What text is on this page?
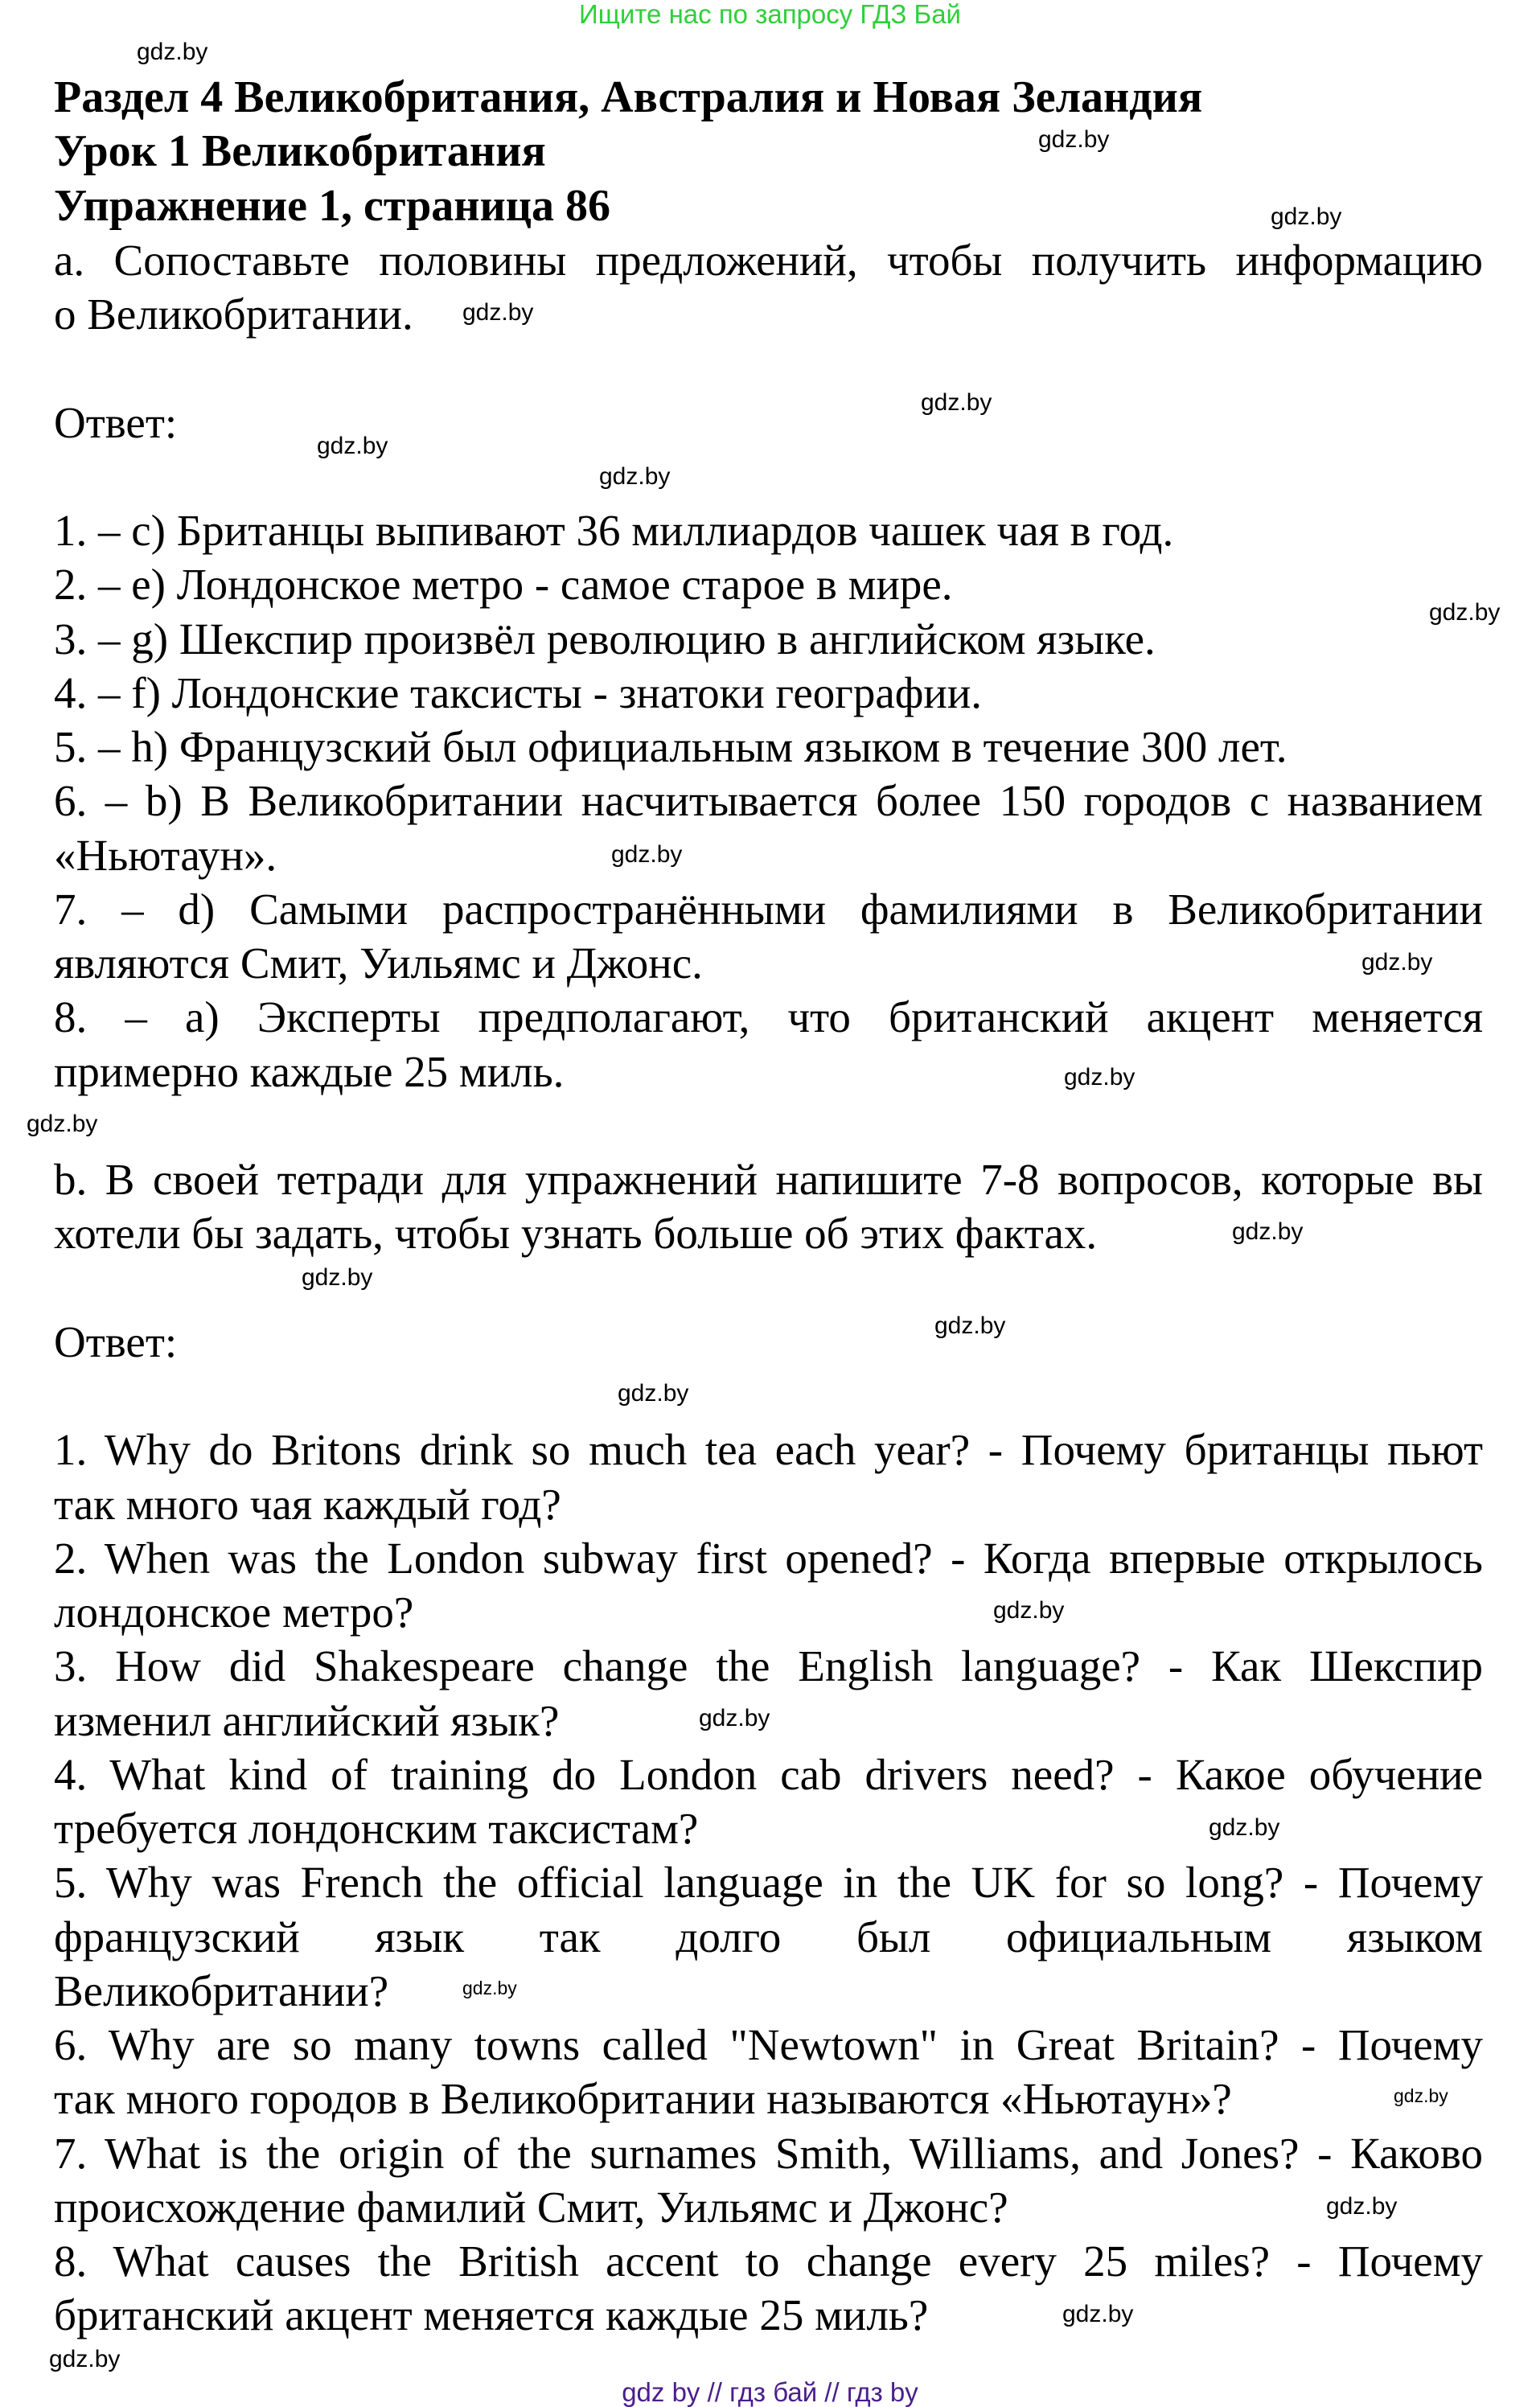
Ищите нас по запросу ГДЗ Бай
Раздел 4 Великобритания, Австралия и Новая Зеландия
Урок 1 Великобритания
Упражнение 1, страница 86
a. Сопоставьте половины предложений, чтобы получить информацию
о Великобритании.
Ответ:
1. – c) Британцы выпивают 36 миллиардов чашек чая в год.
2. – e) Лондонское метро - самое старое в мире.
3. – g) Шекспир произвёл революцию в английском языке.
4. – f) Лондонские таксисты - знатоки географии.
5. – h) Французский был официальным языком в течение 300 лет.
6. – b) В Великобритании насчитывается более 150 городов с названием
«Ньютаун».
7. – d) Самыми распространёнными фамилиями в Великобритании
являются Смит, Уильямс и Джонс.
8. – a) Эксперты предполагают, что британский акцент меняется
примерно каждые 25 миль.
b. В своей тетради для упражнений напишите 7-8 вопросов, которые вы
хотели бы задать, чтобы узнать больше об этих фактах.
Ответ:
1. Why do Britons drink so much tea each year? - Почему британцы пьют
так много чая каждый год?
2. When was the London subway first opened? - Когда впервые открылось
лондонское метро?
3. How did Shakespeare change the English language? - Как Шекспир
изменил английский язык?
4. What kind of training do London cab drivers need? - Какое обучение
требуется лондонским таксистам?
5. Why was French the official language in the UK for so long? - Почему
французский язык так долго был официальным языком
Великобритании?
6. Why are so many towns called "Newtown" in Great Britain? - Почему
так много городов в Великобритании называются «Ньютаун»?
7. What is the origin of the surnames Smith, Williams, and Jones? - Каково
происхождение фамилий Смит, Уильямс и Джонс?
8. What causes the British accent to change every 25 miles? - Почему
британский акцент меняется каждые 25 миль?
gdz.by
gdz.by
gdz.by
gdz.by
gdz.by
gdz.by
gdz.by
gdz.by
gdz.by
gdz.by
gdz.by
gdz.by
gdz.by
gdz.by
gdz.by
gdz.by
gdz.by
gdz.by
gdz.by
gdz.by
gdz.by
gdz.by
gdz.by
gdz.by
gdz by // гдз бай // гдз by
